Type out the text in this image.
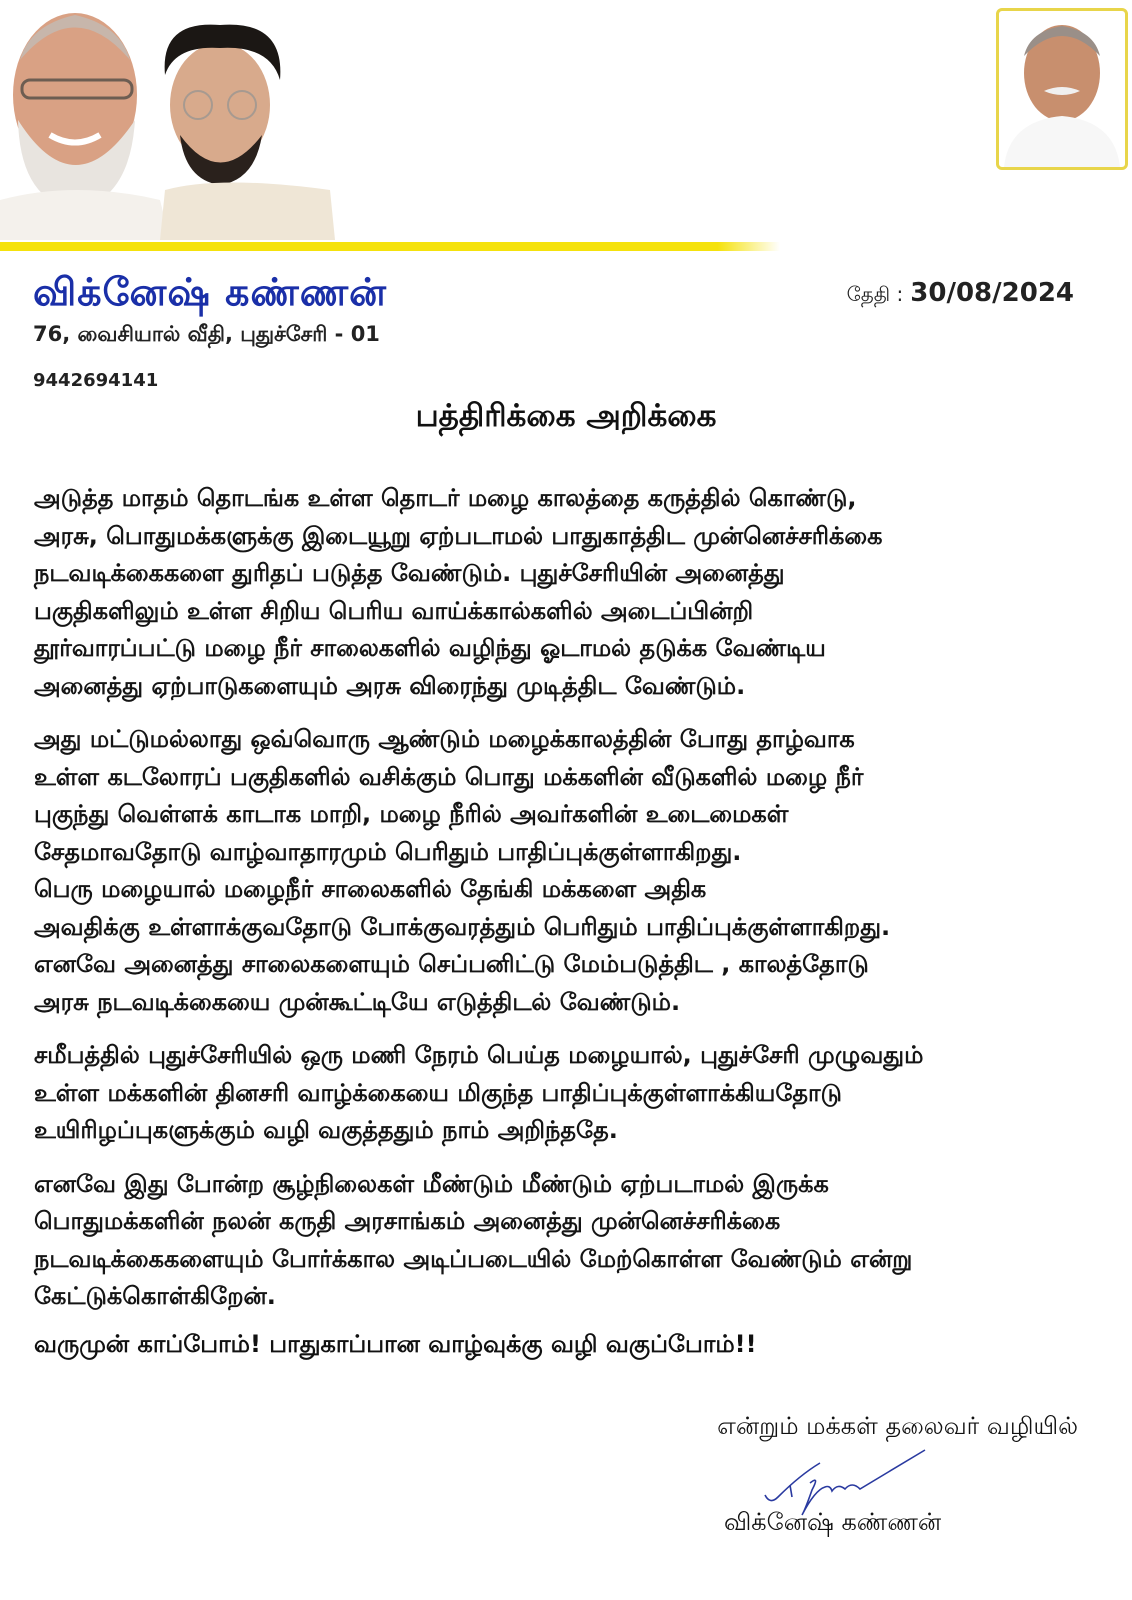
விக்னேஷ் கண்ணன்
76, வைசியால் வீதி, புதுச்சேரி - 01
9442694141
தேதி : 30/08/2024
பத்திரிக்கை அறிக்கை

அடுத்த மாதம் தொடங்க உள்ள தொடர் மழை காலத்தை கருத்தில் கொண்டு,
அரசு, பொதுமக்களுக்கு இடையூறு ஏற்படாமல் பாதுகாத்திட முன்னெச்சரிக்கை
நடவடிக்கைகளை துரிதப் படுத்த வேண்டும். புதுச்சேரியின் அனைத்து
பகுதிகளிலும் உள்ள சிறிய பெரிய வாய்க்கால்களில் அடைப்பின்றி
தூர்வாரப்பட்டு மழை நீர் சாலைகளில் வழிந்து ஓடாமல் தடுக்க வேண்டிய
அனைத்து ஏற்பாடுகளையும் அரசு விரைந்து முடித்திட வேண்டும்.

அது மட்டுமல்லாது ஒவ்வொரு ஆண்டும் மழைக்காலத்தின் போது தாழ்வாக
உள்ள கடலோரப் பகுதிகளில் வசிக்கும் பொது மக்களின் வீடுகளில் மழை நீர்
புகுந்து வெள்ளக் காடாக மாறி, மழை நீரில் அவர்களின் உடைமைகள்
சேதமாவதோடு வாழ்வாதாரமும் பெரிதும் பாதிப்புக்குள்ளாகிறது.
பெரு மழையால் மழைநீர் சாலைகளில் தேங்கி மக்களை அதிக
அவதிக்கு உள்ளாக்குவதோடு போக்குவரத்தும் பெரிதும் பாதிப்புக்குள்ளாகிறது.
எனவே அனைத்து சாலைகளையும் செப்பனிட்டு மேம்படுத்திட , காலத்தோடு
அரசு நடவடிக்கையை முன்கூட்டியே எடுத்திடல் வேண்டும்.

சமீபத்தில் புதுச்சேரியில் ஒரு மணி நேரம் பெய்த மழையால், புதுச்சேரி முழுவதும்
உள்ள மக்களின் தினசரி வாழ்க்கையை மிகுந்த பாதிப்புக்குள்ளாக்கியதோடு
உயிரிழப்புகளுக்கும் வழி வகுத்ததும் நாம் அறிந்ததே.

எனவே இது போன்ற சூழ்நிலைகள் மீண்டும் மீண்டும் ஏற்படாமல் இருக்க
பொதுமக்களின் நலன் கருதி அரசாங்கம் அனைத்து முன்னெச்சரிக்கை
நடவடிக்கைகளையும் போர்க்கால அடிப்படையில் மேற்கொள்ள வேண்டும் என்று
கேட்டுக்கொள்கிறேன்.

வருமுன் காப்போம்! பாதுகாப்பான வாழ்வுக்கு வழி வகுப்போம்!!
என்றும் மக்கள் தலைவர் வழியில்
விக்னேஷ் கண்ணன்
